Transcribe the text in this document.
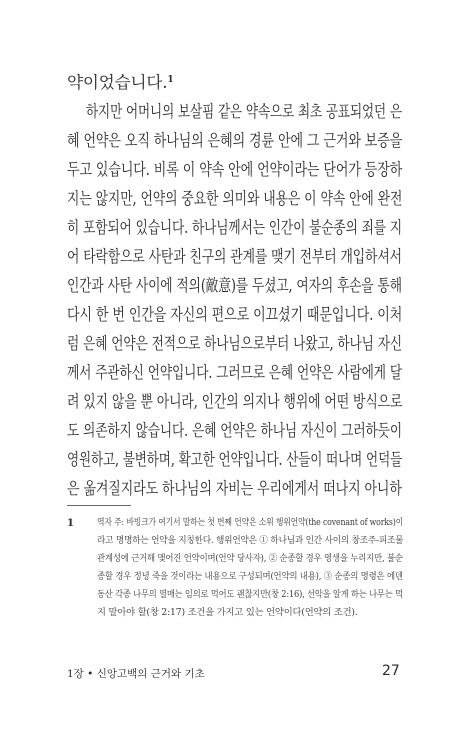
약이었습니다.$^1$
하지만 어머니의 보살핌 같은 약속으로 최초 공표되었던 은
혜 언약은 오직 하나님의 은혜의 경륜 안에 그 근거와 보증을
두고 있습니다. 비록 이 약속 안에 언약이라는 단어가 등장하
지는 않지만, 언약의 중요한 의미와 내용은 이 약속 안에 완전
히 포함되어 있습니다. 하나님께서는 인간이 불순종의 죄를 지
어 타락함으로 사탄과 친구의 관계를 맺기 전부터 개입하셔서
인간과 사탄 사이에 적의(敵意)를 두셨고, 여자의 후손을 통해
다시 한 번 인간을 자신의 편으로 이끄셨기 때문입니다. 이처
럼 은혜 언약은 전적으로 하나님으로부터 나왔고, 하나님 자신
께서 주관하신 언약입니다. 그러므로 은혜 언약은 사람에게 달
려 있지 않을 뿐 아니라, 인간의 의지나 행위에 어떤 방식으로
도 의존하지 않습니다. 은혜 언약은 하나님 자신이 그러하듯이
영원하고, 불변하며, 확고한 언약입니다. 산들이 떠나며 언덕들
은 옮겨질지라도 하나님의 자비는 우리에게서 떠나지 아니하
1 역자 주: 바빙크가 여기서 말하는 첫 번째 언약은 소위 행위언약(the covenant of works)이
라고 명명하는 언약을 지칭한다. 행위언약은 ① 하나님과 인간 사이의 창조주-피조물
관계성에 근거해 맺어진 언약이며(언약 당사자), ② 순종할 경우 영생을 누리지만, 불순
종할 경우 정녕 죽을 것이라는 내용으로 구성되며(언약의 내용), ③ 순종의 명령은 에덴
동산 각종 나무의 열매는 임의로 먹어도 괜찮지만(창 2:16), 선악을 알게 하는 나무는 먹
지 말아야 할(창 2:17) 조건을 가지고 있는 언약이다(언약의 조건).
1장 • 신앙고백의 근거와 기초	27
